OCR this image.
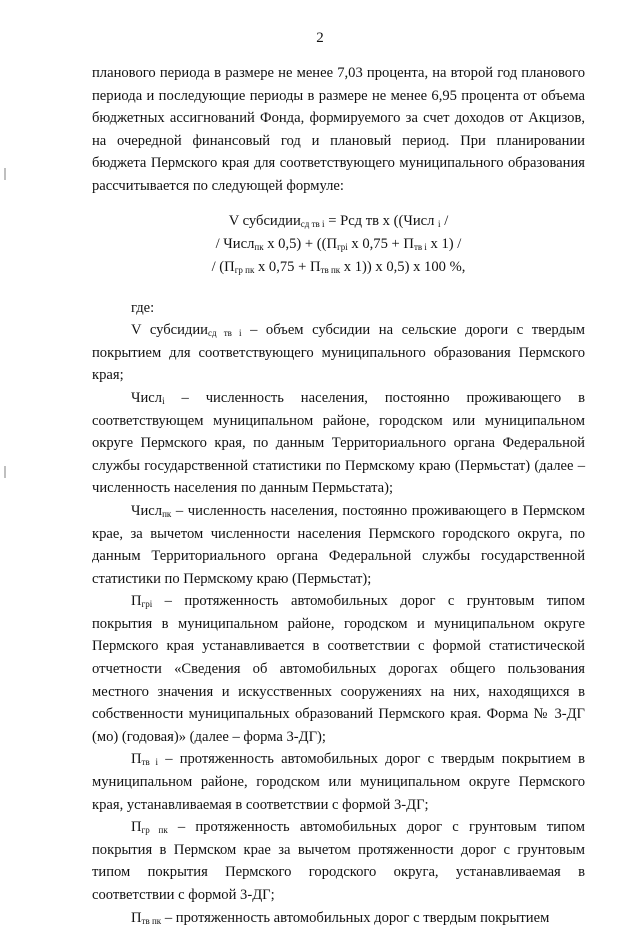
2

планового периода в размере не менее 7,03 процента, на второй год планового периода и последующие периоды в размере не менее 6,95 процента от объема бюджетных ассигнований Фонда, формируемого за счет доходов от Акцизов, на очередной финансовый год и плановый период. При планировании бюджета Пермского края для соответствующего муниципального образования рассчитывается по следующей формуле:

V субсидии$_{сд тв i}$ = Рсд тв х ((Числ $_i$ /
/ Числ$_{пк}$ х $0,5) + ((П_{грi}$ х $0,75 + П_{тв i}$ х 1) /
/ ($П_{гр пк}$ х $0,75 + П_{тв пк}$ х 1)) х 0,5) х 100 %,

где:

V субсидии$_{сд тв i}$ – объем субсидии на сельские дороги с твердым покрытием для соответствующего муниципального образования Пермского края;

Числ$_i$ – численность населения, постоянно проживающего в соответствующем муниципальном районе, городском или муниципальном округе Пермского края, по данным Территориального органа Федеральной службы государственной статистики по Пермскому краю (Пермьстат) (далее – численность населения по данным Пермьстата);

Числ$_{пк}$ – численность населения, постоянно проживающего в Пермском крае, за вычетом численности населения Пермского городского округа, по данным Территориального органа Федеральной службы государственной статистики по Пермскому краю (Пермьстат);

$П_{грi}$ – протяженность автомобильных дорог с грунтовым типом покрытия в муниципальном районе, городском и муниципальном округе Пермского края устанавливается в соответствии с формой статистической отчетности «Сведения об автомобильных дорогах общего пользования местного значения и искусственных сооружениях на них, находящихся в собственности муниципальных образований Пермского края. Форма № 3-ДГ (мо) (годовая)» (далее – форма 3-ДГ);

$П_{тв i}$ – протяженность автомобильных дорог с твердым покрытием в муниципальном районе, городском или муниципальном округе Пермского края, устанавливаемая в соответствии с формой 3-ДГ;

$П_{гр пк}$ – протяженность автомобильных дорог с грунтовым типом покрытия в Пермском крае за вычетом протяженности дорог с грунтовым типом покрытия Пермского городского округа, устанавливаемая в соответствии с формой 3-ДГ;

$П_{тв пк}$ – протяженность автомобильных дорог с твердым покрытием
